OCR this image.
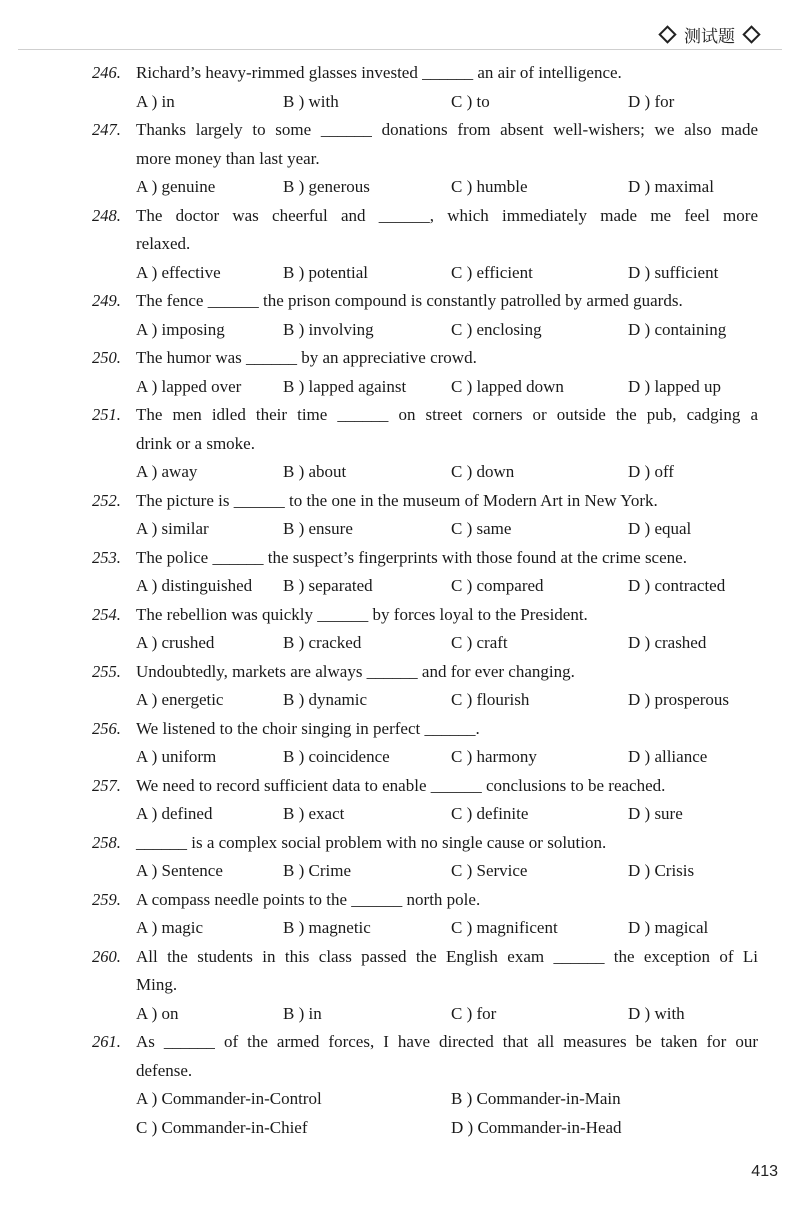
测试题
246. Richard’s heavy-rimmed glasses invested ______ an air of intelligence.
A ) in	B ) with	C ) to	D ) for
247. Thanks largely to some ______ donations from absent well-wishers; we also made
more money than last year.
A ) genuine	B ) generous	C ) humble	D ) maximal
248. The doctor was cheerful and ______, which immediately made me feel more
relaxed.
A ) effective	B ) potential	C ) efficient	D ) sufficient
249. The fence ______ the prison compound is constantly patrolled by armed guards.
A ) imposing	B ) involving	C ) enclosing	D ) containing
250. The humor was ______ by an appreciative crowd.
A ) lapped over B ) lapped against	C ) lapped down	D ) lapped up
251. The men idled their time ______ on street corners or outside the pub, cadging a
drink or a smoke.
A ) away	B ) about	C ) down	D ) off
252. The picture is ______ to the one in the museum of Modern Art in New York.
A ) similar	B ) ensure	C ) same	D ) equal
253. The police ______ the suspect’s fingerprints with those found at the crime scene.
A ) distinguished B ) separated	C ) compared	D ) contracted
254. The rebellion was quickly ______ by forces loyal to the President.
A ) crushed	B ) cracked	C ) craft	D ) crashed
255. Undoubtedly, markets are always ______ and for ever changing.
A ) energetic	B ) dynamic	C ) flourish	D ) prosperous
256. We listened to the choir singing in perfect ______.
A ) uniform	B ) coincidence	C ) harmony	D ) alliance
257. We need to record sufficient data to enable ______ conclusions to be reached.
A ) defined	B ) exact	C ) definite	D ) sure
258. ______ is a complex social problem with no single cause or solution.
A ) Sentence	B ) Crime	C ) Service	D ) Crisis
259. A compass needle points to the ______ north pole.
A ) magic	B ) magnetic	C ) magnificent	D ) magical
260. All the students in this class passed the English exam ______ the exception of Li
Ming.
A ) on	B ) in	C ) for	D ) with
261. As ______ of the armed forces, I have directed that all measures be taken for our
defense.
A ) Commander-in-Control	B ) Commander-in-Main
C ) Commander-in-Chief	D ) Commander-in-Head
413
